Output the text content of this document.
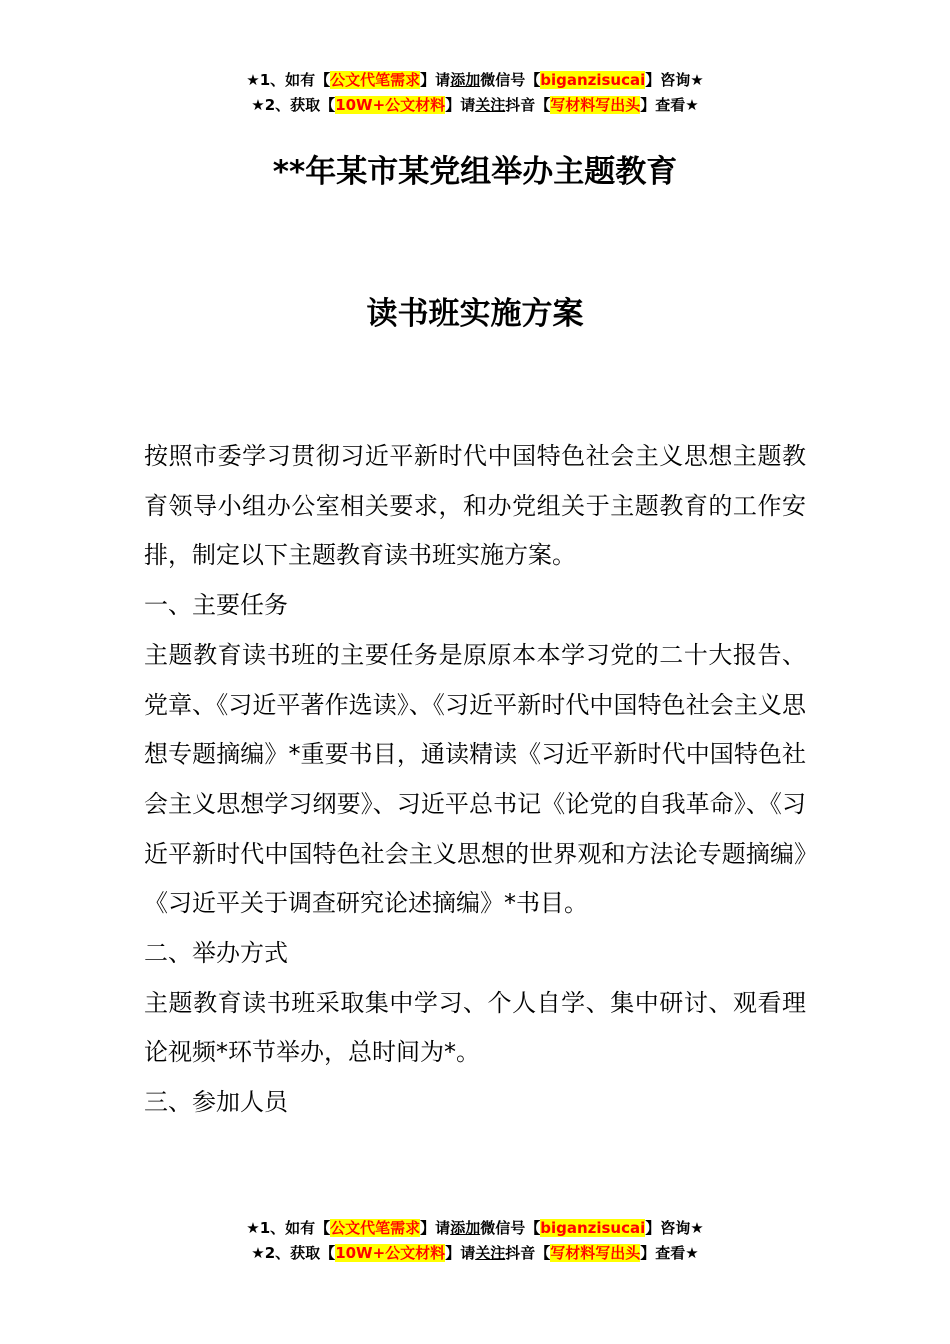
★1、如有【公文代笔需求】请添加微信号【biganzisucai】咨询★
★2、获取【10W+公文材料】请关注抖音【写材料写出头】查看★
**年某市某党组举办主题教育
读书班实施方案

按照市委学习贯彻习近平新时代中国特色社会主义思想主题教育领导小组办公室相关要求，和办党组关于主题教育的工作安排，制定以下主题教育读书班实施方案。

一、主要任务

主题教育读书班的主要任务是原原本本学习党的二十大报告、党章、《习近平著作选读》、《习近平新时代中国特色社会主义思想专题摘编》*重要书目，通读精读《习近平新时代中国特色社会主义思想学习纲要》、习近平总书记《论党的自我革命》、《习近平新时代中国特色社会主义思想的世界观和方法论专题摘编》《习近平关于调查研究论述摘编》*书目。

二、举办方式

主题教育读书班采取集中学习、个人自学、集中研讨、观看理论视频*环节举办，总时间为*。

三、参加人员

★1、如有【公文代笔需求】请添加微信号【biganzisucai】咨询★
★2、获取【10W+公文材料】请关注抖音【写材料写出头】查看★
